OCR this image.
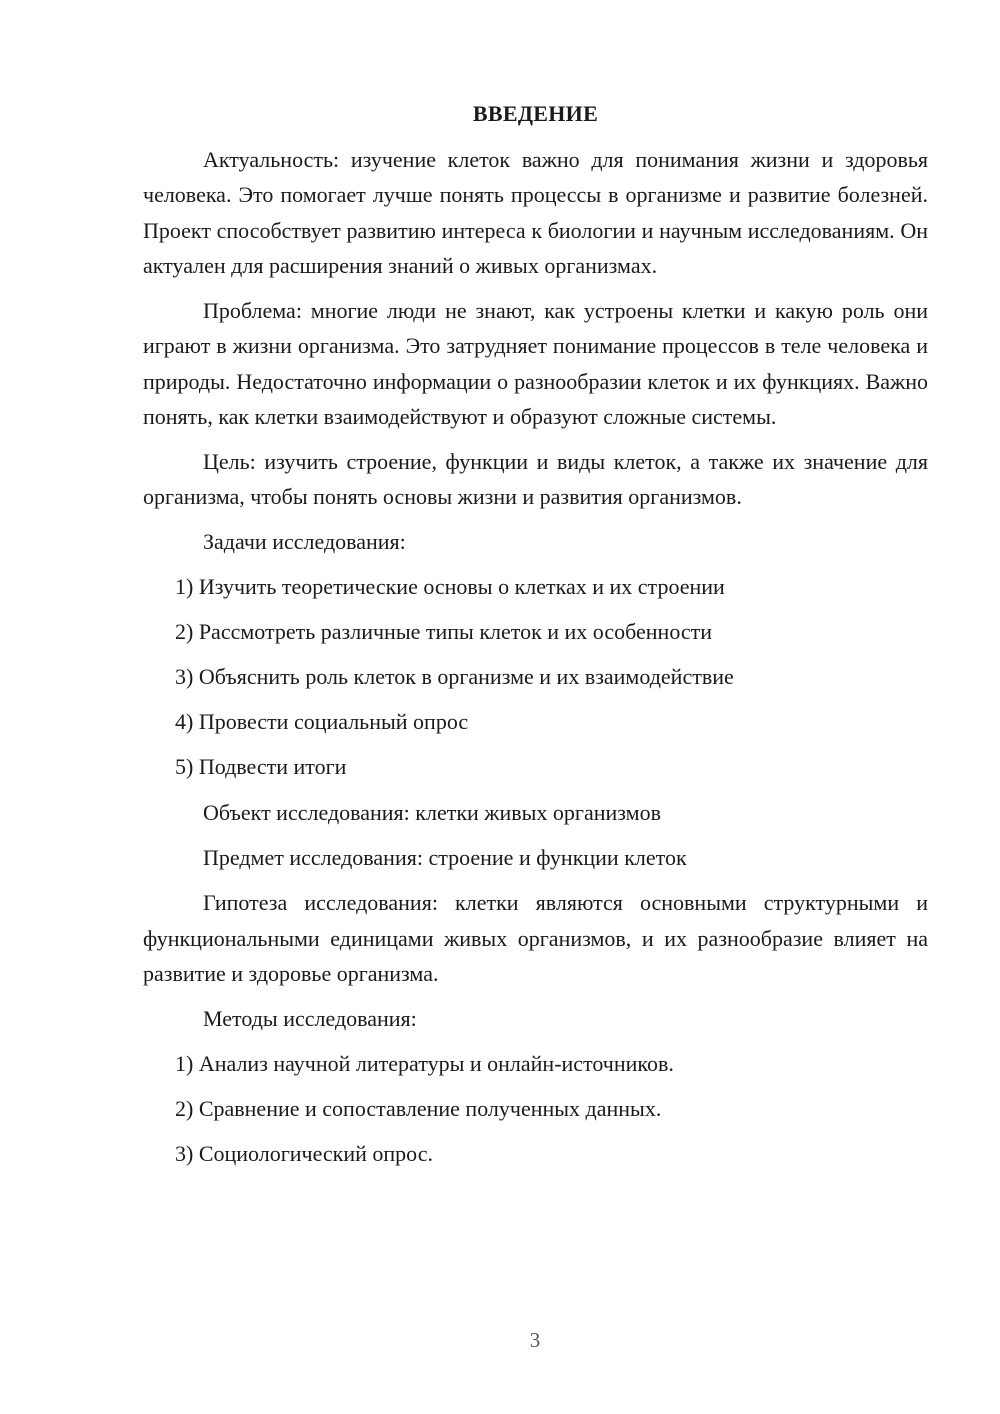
ВВЕДЕНИЕ

Актуальность: изучение клеток важно для понимания жизни и здоровья человека. Это помогает лучше понять процессы в организме и развитие болезней. Проект способствует развитию интереса к биологии и научным исследованиям. Он актуален для расширения знаний о живых организмах.

Проблема: многие люди не знают, как устроены клетки и какую роль они играют в жизни организма. Это затрудняет понимание процессов в теле человека и природы. Недостаточно информации о разнообразии клеток и их функциях. Важно понять, как клетки взаимодействуют и образуют сложные системы.

Цель: изучить строение, функции и виды клеток, а также их значение для организма, чтобы понять основы жизни и развития организмов.

Задачи исследования:
1) Изучить теоретические основы о клетках и их строении
2) Рассмотреть различные типы клеток и их особенности
3) Объяснить роль клеток в организме и их взаимодействие
4) Провести социальный опрос
5) Подвести итоги
Объект исследования: клетки живых организмов
Предмет исследования: строение и функции клеток

Гипотеза исследования: клетки являются основными структурными и функциональными единицами живых организмов, и их разнообразие влияет на развитие и здоровье организма.

Методы исследования:
1) Анализ научной литературы и онлайн-источников.
2) Сравнение и сопоставление полученных данных.
3) Социологический опрос.
3
